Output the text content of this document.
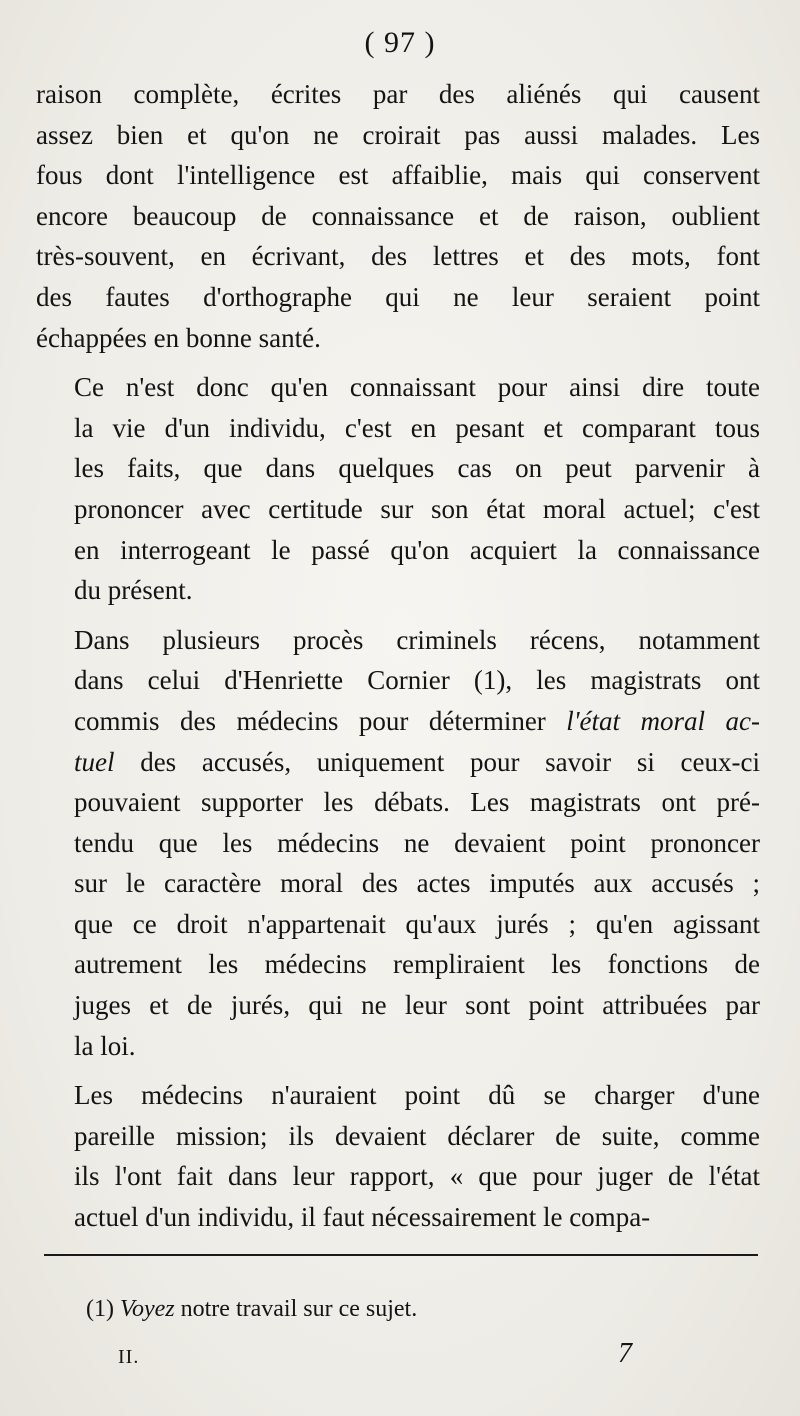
( 97 )
raison complète, écrites par des aliénés qui causent
assez bien et qu'on ne croirait pas aussi malades. Les
fous dont l'intelligence est affaiblie, mais qui conservent
encore beaucoup de connaissance et de raison, oublient
très-souvent, en écrivant, des lettres et des mots, font
des fautes d'orthographe qui ne leur seraient point
échappées en bonne santé.
Ce n'est donc qu'en connaissant pour ainsi dire toute
la vie d'un individu, c'est en pesant et comparant tous
les faits, que dans quelques cas on peut parvenir à
prononcer avec certitude sur son état moral actuel; c'est
en interrogeant le passé qu'on acquiert la connaissance
du présent.
Dans plusieurs procès criminels récens, notamment
dans celui d'Henriette Cornier (1), les magistrats ont
commis des médecins pour déterminer l'état moral ac-
tuel des accusés, uniquement pour savoir si ceux-ci
pouvaient supporter les débats. Les magistrats ont pré-
tendu que les médecins ne devaient point prononcer
sur le caractère moral des actes imputés aux accusés ;
que ce droit n'appartenait qu'aux jurés ; qu'en agissant
autrement les médecins rempliraient les fonctions de
juges et de jurés, qui ne leur sont point attribuées par
la loi.
Les médecins n'auraient point dû se charger d'une
pareille mission; ils devaient déclarer de suite, comme
ils l'ont fait dans leur rapport, « que pour juger de l'état
actuel d'un individu, il faut nécessairement le compa-
(1) Voyez notre travail sur ce sujet.
II.	7
